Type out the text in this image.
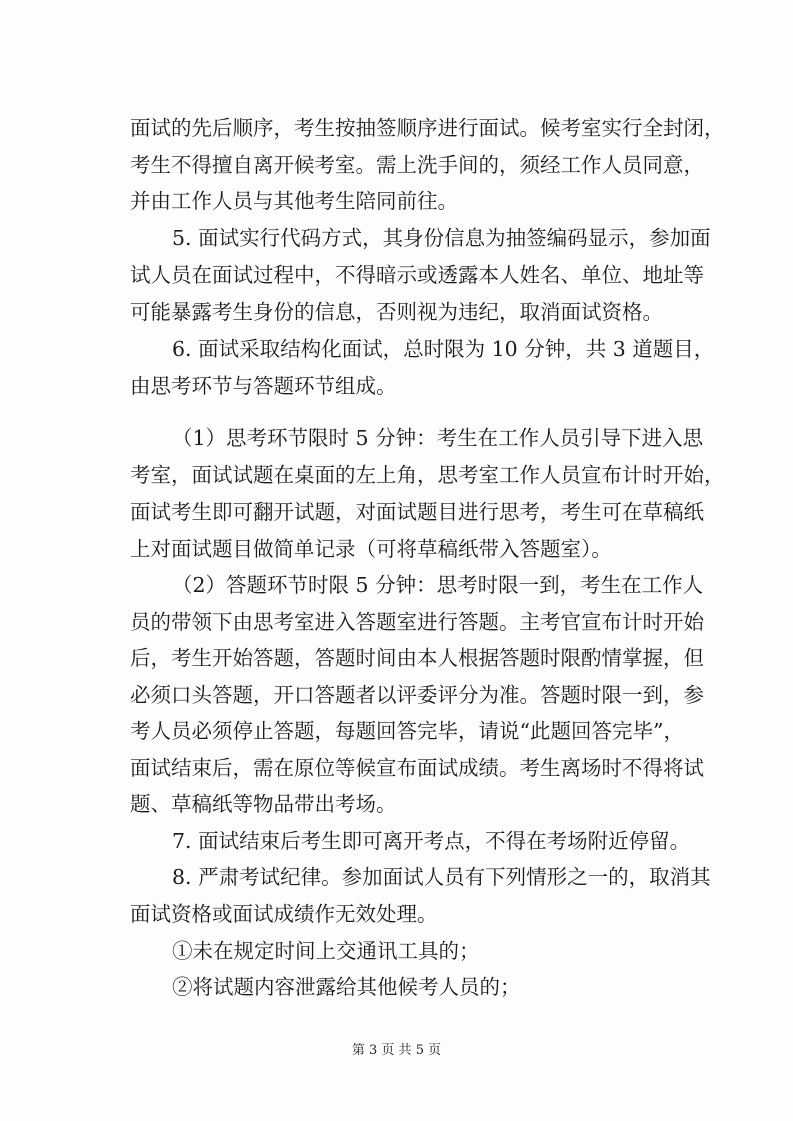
面试的先后顺序，考生按抽签顺序进行面试。候考室实行全封闭，
考生不得擅自离开候考室。需上洗手间的，须经工作人员同意，
并由工作人员与其他考生陪同前往。
5. 面试实行代码方式，其身份信息为抽签编码显示，参加面
试人员在面试过程中，不得暗示或透露本人姓名、单位、地址等
可能暴露考生身份的信息，否则视为违纪，取消面试资格。
6. 面试采取结构化面试，总时限为 10 分钟，共 3 道题目，
由思考环节与答题环节组成。
（1）思考环节限时 5 分钟：考生在工作人员引导下进入思
考室，面试试题在桌面的左上角，思考室工作人员宣布计时开始，
面试考生即可翻开试题，对面试题目进行思考，考生可在草稿纸
上对面试题目做简单记录（可将草稿纸带入答题室）。
（2）答题环节时限 5 分钟：思考时限一到，考生在工作人
员的带领下由思考室进入答题室进行答题。主考官宣布计时开始
后，考生开始答题，答题时间由本人根据答题时限酌情掌握，但
必须口头答题，开口答题者以评委评分为准。答题时限一到，参
考人员必须停止答题，每题回答完毕，请说“此题回答完毕”，
面试结束后，需在原位等候宣布面试成绩。考生离场时不得将试
题、草稿纸等物品带出考场。
7. 面试结束后考生即可离开考点，不得在考场附近停留。
8. 严肃考试纪律。参加面试人员有下列情形之一的，取消其
面试资格或面试成绩作无效处理。
①未在规定时间上交通讯工具的；
②将试题内容泄露给其他候考人员的；
第 3 页 共 5 页
